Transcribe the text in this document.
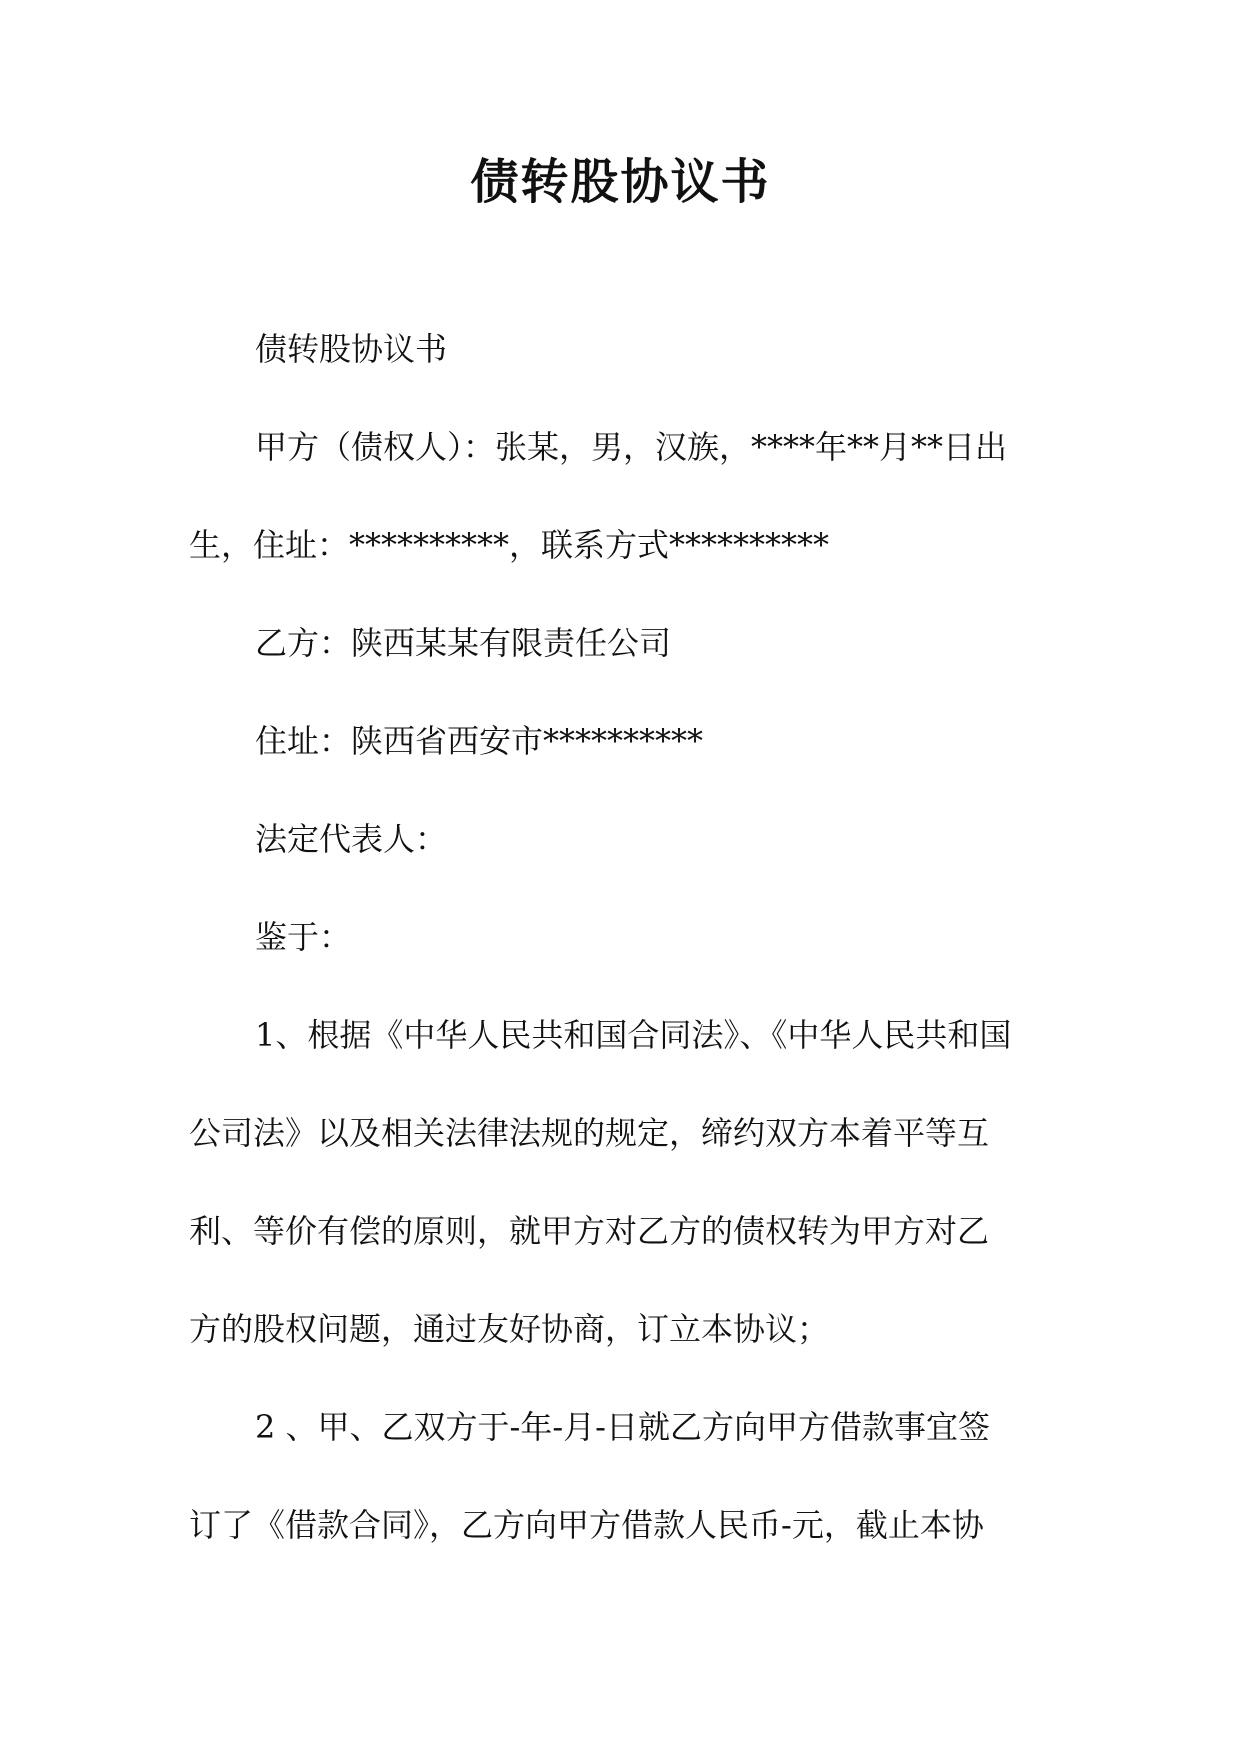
债转股协议书

债转股协议书

甲方（债权人）：张某，男，汉族，****年**月**日出
生，住址：**********，联系方式**********

乙方：陕西某某有限责任公司

住址：陕西省西安市**********

法定代表人：

鉴于：

1、根据《中华人民共和国合同法》、《中华人民共和国
公司法》以及相关法律法规的规定，缔约双方本着平等互
利、等价有偿的原则，就甲方对乙方的债权转为甲方对乙
方的股权问题，通过友好协商，订立本协议；

2 、甲、乙双方于-年-月-日就乙方向甲方借款事宜签
订了《借款合同》，乙方向甲方借款人民币-元，截止本协
